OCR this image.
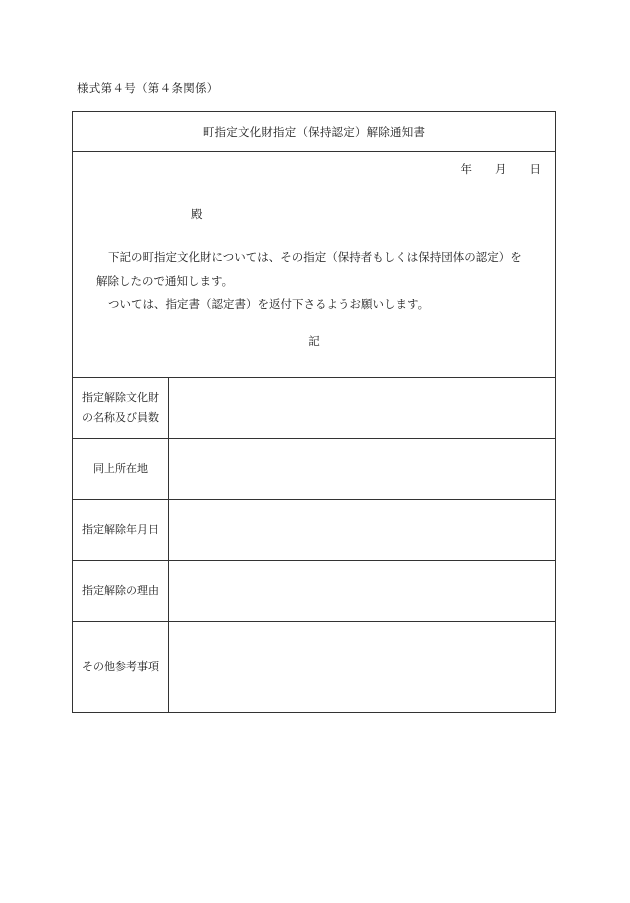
様式第４号（第４条関係）
町指定文化財指定（保持認定）解除通知書
年　　月　　日
殿
下記の町指定文化財については、その指定（保持者もしくは保持団体の認定）を
解除したので通知します。
ついては、指定書（認定書）を返付下さるようお願いします。
記
指定解除文化財
の名称及び員数
同上所在地
指定解除年月日
指定解除の理由
その他参考事項
